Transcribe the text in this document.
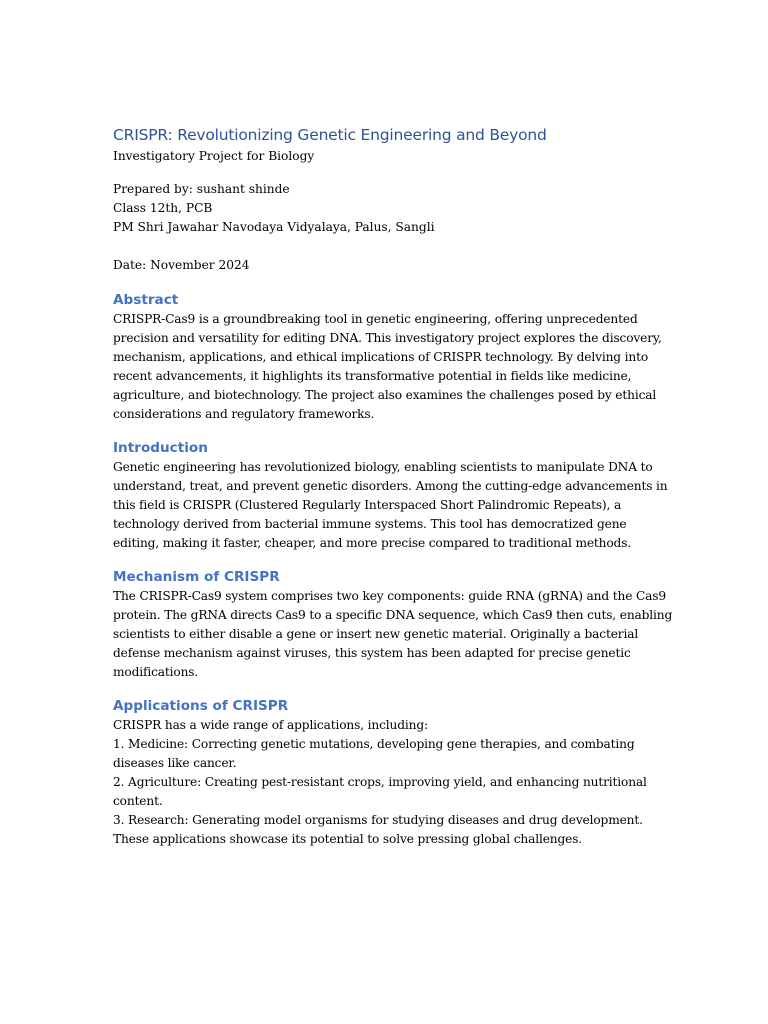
CRISPR: Revolutionizing Genetic Engineering and Beyond
Investigatory Project for Biology
Prepared by: sushant shinde
Class 12th, PCB
PM Shri Jawahar Navodaya Vidyalaya, Palus, Sangli
Date: November 2024
Abstract
CRISPR-Cas9 is a groundbreaking tool in genetic engineering, offering unprecedented
precision and versatility for editing DNA. This investigatory project explores the discovery,
mechanism, applications, and ethical implications of CRISPR technology. By delving into
recent advancements, it highlights its transformative potential in fields like medicine,
agriculture, and biotechnology. The project also examines the challenges posed by ethical
considerations and regulatory frameworks.
Introduction
Genetic engineering has revolutionized biology, enabling scientists to manipulate DNA to
understand, treat, and prevent genetic disorders. Among the cutting-edge advancements in
this field is CRISPR (Clustered Regularly Interspaced Short Palindromic Repeats), a
technology derived from bacterial immune systems. This tool has democratized gene
editing, making it faster, cheaper, and more precise compared to traditional methods.
Mechanism of CRISPR
The CRISPR-Cas9 system comprises two key components: guide RNA (gRNA) and the Cas9
protein. The gRNA directs Cas9 to a specific DNA sequence, which Cas9 then cuts, enabling
scientists to either disable a gene or insert new genetic material. Originally a bacterial
defense mechanism against viruses, this system has been adapted for precise genetic
modifications.
Applications of CRISPR
CRISPR has a wide range of applications, including:
1. Medicine: Correcting genetic mutations, developing gene therapies, and combating
diseases like cancer.
2. Agriculture: Creating pest-resistant crops, improving yield, and enhancing nutritional
content.
3. Research: Generating model organisms for studying diseases and drug development.
These applications showcase its potential to solve pressing global challenges.
